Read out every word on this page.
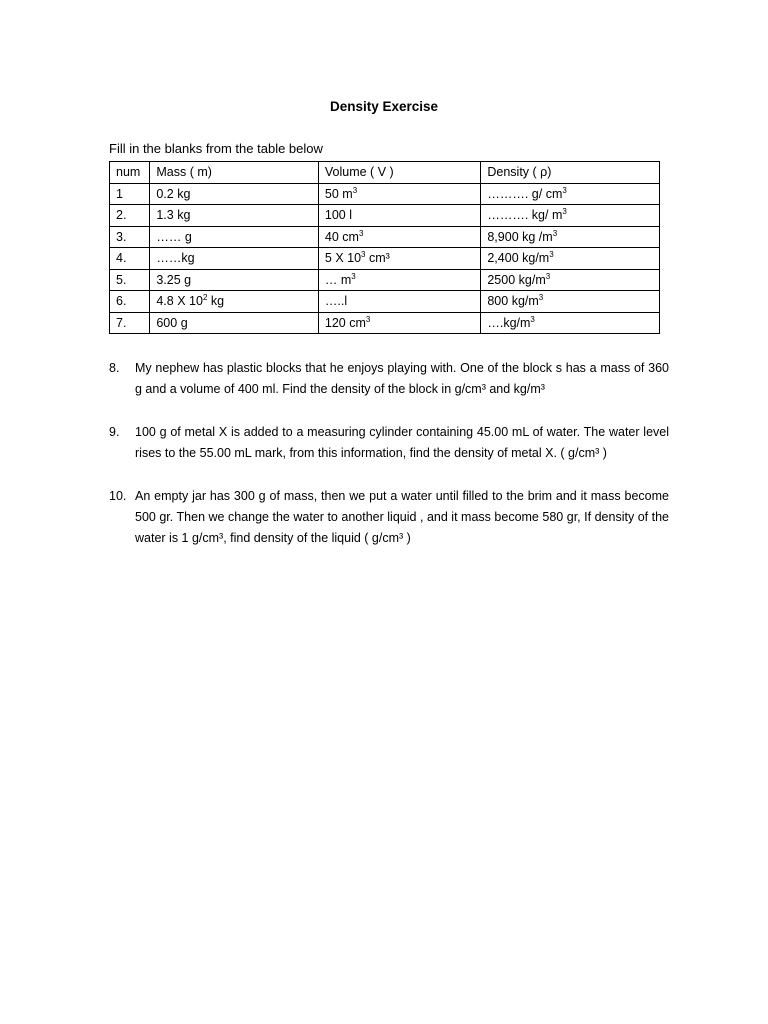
Density Exercise
Fill in the blanks from the table below
num	Mass ( m)	Volume ( V )	Density ( ρ)
1	0.2 kg	50 $m^3$	………. g/ $cm^3$
2.	1.3 kg	100 l	………. kg/ $m^3$
3.	…… g	40 $cm^3$	8,900 kg $/m^3$
4.	……kg	5 X $10^3$ cm³	2,400 $kg/m^3$
5.	3.25 g	… $m^3$	2500 $kg/m^3$
6.	4.8 X $10^2$ kg	…..l	800 $kg/m^3$
7.	600 g	120 $cm^3$	$\dots.kg/m^3$
8.	My nephew has plastic blocks that he enjoys playing with. One of the block s has a mass of 360 g and a volume of 400 ml. Find the density of the block in g/cm³ and kg/m³
9.	100 g of metal X is added to a measuring cylinder containing 45.00 mL of water. The water level rises to the 55.00 mL mark, from this information, find the density of metal X. ( g/cm³ )
10. An empty jar has 300 g of mass, then we put a water until filled to the brim and it mass become 500 gr. Then we change the water to another liquid , and it mass become 580 gr, If density of the water is 1 g/cm³, find density of the liquid ( g/cm³ )
